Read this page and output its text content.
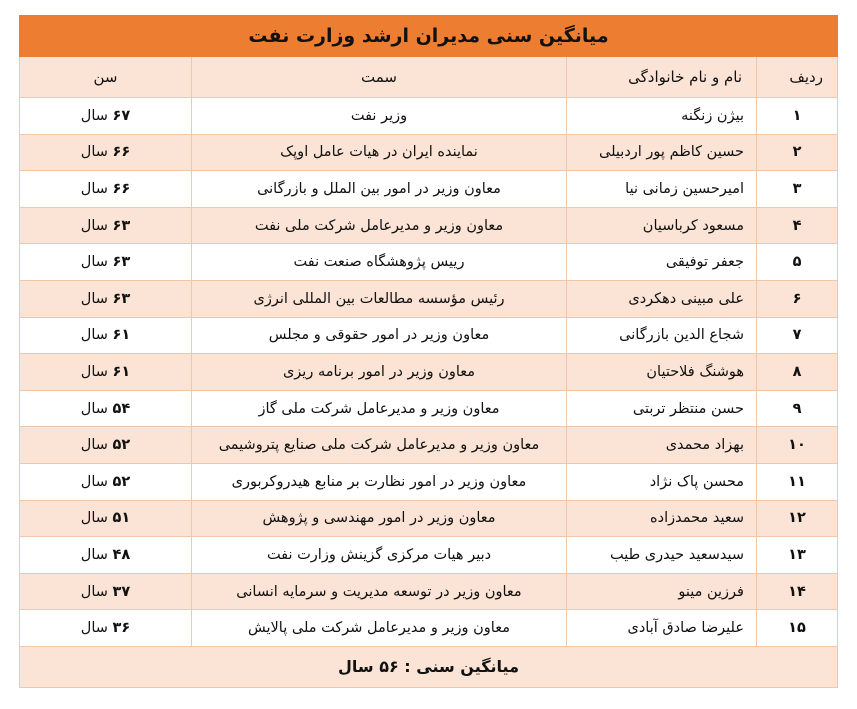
میانگین سنی مدیران ارشد وزارت نفت			
ردیف	نام و نام خانوادگی	سمت	سن
۱	بیژن زنگنه	وزیر نفت	۶۷ سال
۲	حسین کاظم پور اردبیلی	نماینده ایران در هیات عامل اوپک	۶۶ سال
۳	امیرحسین زمانی نیا	معاون وزیر در امور بین الملل و بازرگانی	۶۶ سال
۴	مسعود کرباسیان	معاون وزیر و مدیرعامل شرکت ملی نفت	۶۳ سال
۵	جعفر توفیقی	رییس پژوهشگاه صنعت نفت	۶۳ سال
۶	علی مبینی دهکردی	رئیس مؤسسه مطالعات بین المللی انرژی	۶۳ سال
۷	شجاع الدین بازرگانی	معاون وزیر در امور حقوقی و مجلس	۶۱ سال
۸	هوشنگ فلاحتیان	معاون وزیر در امور برنامه ریزی	۶۱ سال
۹	حسن منتظر تربتی	معاون وزیر و مدیرعامل شرکت ملی گاز	۵۴ سال
۱۰	بهزاد محمدی	معاون وزیر و مدیرعامل شرکت ملی صنایع پتروشیمی	۵۲ سال
۱۱	محسن پاک نژاد	معاون وزیر در امور نظارت بر منابع هیدروکربوری	۵۲ سال
۱۲	سعید محمدزاده	معاون وزیر در امور مهندسی و پژوهش	۵۱ سال
۱۳	سیدسعید حیدری طیب	دبیر هیات مرکزی گزینش وزارت نفت	۴۸ سال
۱۴	فرزین مینو	معاون وزیر در توسعه مدیریت و سرمایه انسانی	۳۷ سال
۱۵	علیرضا صادق آبادی	معاون وزیر و مدیرعامل شرکت ملی پالایش	۳۶ سال
میانگین سنی : ۵۶ سال			
